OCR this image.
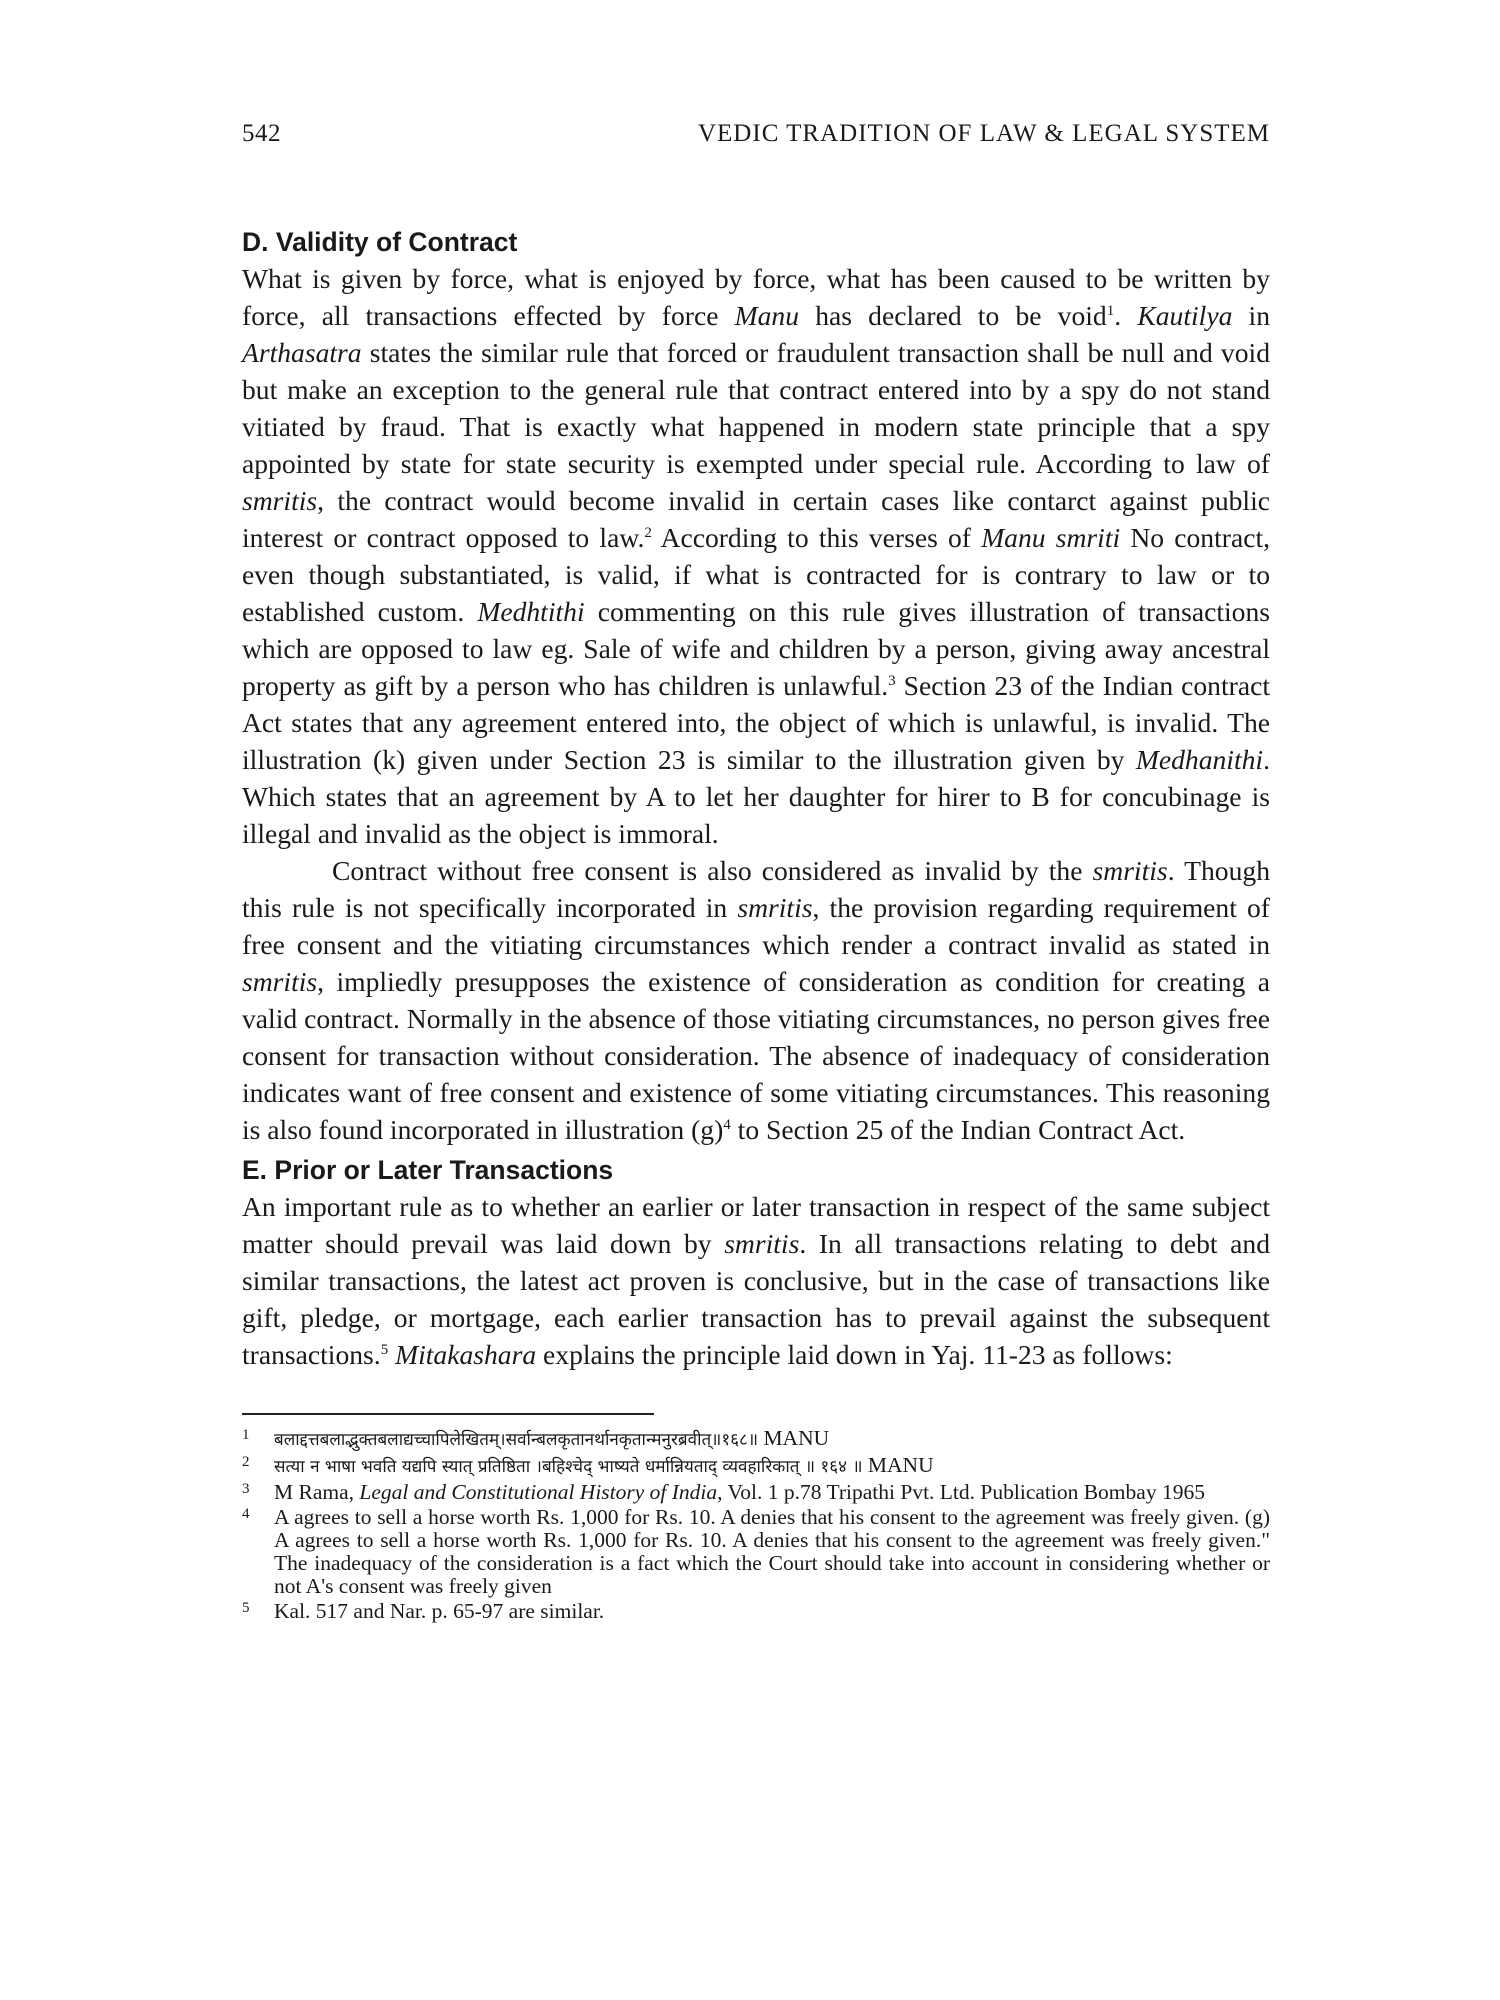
542	VEDIC TRADITION OF LAW & LEGAL SYSTEM
D. Validity of Contract

What is given by force, what is enjoyed by force, what has been caused to be written by force, all transactions effected by force Manu has declared to be void$^1$. Kautilya in Arthasatra states the similar rule that forced or fraudulent transaction shall be null and void but make an exception to the general rule that contract entered into by a spy do not stand vitiated by fraud. That is exactly what happened in modern state principle that a spy appointed by state for state security is exempted under special rule. According to law of smritis, the contract would become invalid in certain cases like contarct against public interest or contract opposed to law.$^2$ According to this verses of Manu smriti No contract, even though substantiated, is valid, if what is contracted for is contrary to law or to established custom. Medhtithi commenting on this rule gives illustration of transactions which are opposed to law eg. Sale of wife and children by a person, giving away ancestral property as gift by a person who has children is unlawful.$^3$ Section 23 of the Indian contract Act states that any agreement entered into, the object of which is unlawful, is invalid. The illustration (k) given under Section 23 is similar to the illustration given by Medhanithi. Which states that an agreement by A to let her daughter for hirer to B for concubinage is illegal and invalid as the object is immoral.

Contract without free consent is also considered as invalid by the smritis. Though this rule is not specifically incorporated in smritis, the provision regarding requirement of free consent and the vitiating circumstances which render a contract invalid as stated in smritis, impliedly presupposes the existence of consideration as condition for creating a valid contract. Normally in the absence of those vitiating circumstances, no person gives free consent for transaction without consideration. The absence of inadequacy of consideration indicates want of free consent and existence of some vitiating circumstances. This reasoning is also found incorporated in illustration $(g)^4$ to Section 25 of the Indian Contract Act.

E. Prior or Later Transactions

An important rule as to whether an earlier or later transaction in respect of the same subject matter should prevail was laid down by smritis. In all transactions relating to debt and similar transactions, the latest act proven is conclusive, but in the case of transactions like gift, pledge, or mortgage, each earlier transaction has to prevail against the subsequent transactions.$^5$ Mitakashara explains the principle laid down in Yaj. 11-23 as follows:

1	बलाद्दत्तबलाद्भुक्तबलाद्यच्चापिलेखितम्।सर्वान्बलकृतानर्थानकृतान्मनुरब्रवीत्॥१६८॥ MANU
2	सत्या न भाषा भवति यद्यपि स्यात् प्रतिष्ठिता ।बहिश्चेद् भाष्यते धर्मान्नियताद् व्यवहारिकात् ॥ १६४ ॥ MANU
3	M Rama, Legal and Constitutional History of India, Vol. 1 p.78 Tripathi Pvt. Ltd. Publication Bombay 1965
4	A agrees to sell a horse worth Rs. 1,000 for Rs. 10. A denies that his consent to the agreement was freely given. (g) A agrees to sell a horse worth Rs. 1,000 for Rs. 10. A denies that his consent to the agreement was freely given." The inadequacy of the consideration is a fact which the Court should take into account in considering whether or not A's consent was freely given
5	Kal. 517 and Nar. p. 65-97 are similar.
